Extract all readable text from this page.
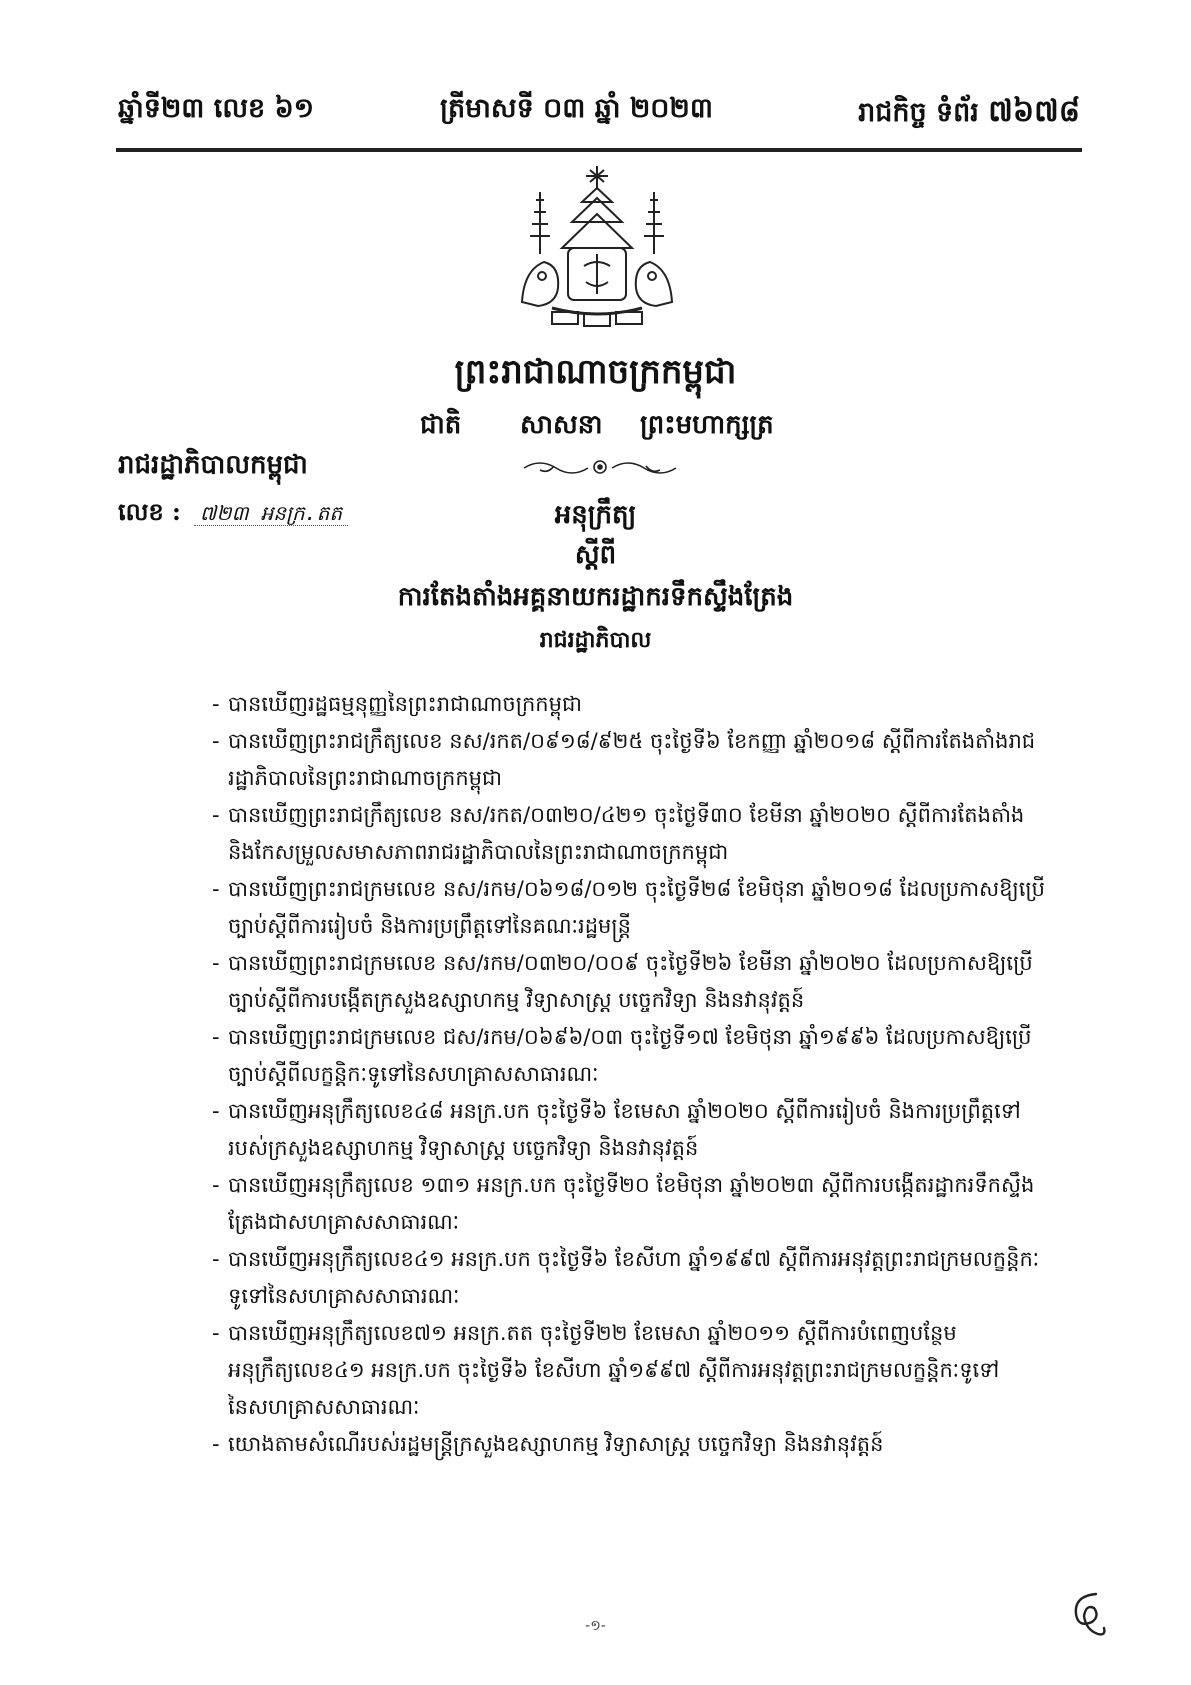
ឆ្នាំទី២៣ លេខ ៦១	ត្រីមាសទី ០៣ ឆ្នាំ ២០២៣	រាជកិច្ច ទំព័រ ៧៦៧៨
ព្រះរាជាណាចក្រកម្ពុជា
ជាតិ សាសនា ព្រះមហាក្សត្រ
រាជរដ្ឋាភិបាលកម្ពុជា
លេខ : ៧២៣ អនក្រ.តត	អនុក្រឹត្យ
ស្តីពី
ការតែងតាំងអគ្គនាយករដ្ឋាករទឹកស្ទឹងត្រែង
រាជរដ្ឋាភិបាល
- បានឃើញរដ្ឋធម្មនុញ្ញនៃព្រះរាជាណាចក្រកម្ពុជា
- បានឃើញព្រះរាជក្រឹត្យលេខ នស/រកត/០៩១៨/៩២៥ ចុះថ្ងៃទី៦ ខែកញ្ញា ឆ្នាំ២០១៨ ស្តីពីការតែងតាំងរាជរដ្ឋាភិបាលនៃព្រះរាជាណាចក្រកម្ពុជា
- បានឃើញព្រះរាជក្រឹត្យលេខ នស/រកត/០៣២០/៤២១ ចុះថ្ងៃទី៣០ ខែមីនា ឆ្នាំ២០២០ ស្តីពីការតែងតាំងនិងកែសម្រួលសមាសភាពរាជរដ្ឋាភិបាលនៃព្រះរាជាណាចក្រកម្ពុជា
- បានឃើញព្រះរាជក្រមលេខ នស/រកម/០៦១៨/០១២ ចុះថ្ងៃទី២៨ ខែមិថុនា ឆ្នាំ២០១៨ ដែលប្រកាសឱ្យប្រើច្បាប់ស្តីពីការរៀបចំ និងការប្រព្រឹត្តទៅនៃគណៈរដ្ឋមន្ត្រី
- បានឃើញព្រះរាជក្រមលេខ នស/រកម/០៣២០/០០៩ ចុះថ្ងៃទី២៦ ខែមីនា ឆ្នាំ២០២០ ដែលប្រកាសឱ្យប្រើច្បាប់ស្តីពីការបង្កើតក្រសួងឧស្សាហកម្ម វិទ្យាសាស្ត្រ បច្ចេកវិទ្យា និងនវានុវត្តន៍
- បានឃើញព្រះរាជក្រមលេខ ជស/រកម/០៦៩៦/០៣ ចុះថ្ងៃទី១៧ ខែមិថុនា ឆ្នាំ១៩៩៦ ដែលប្រកាសឱ្យប្រើច្បាប់ស្តីពីលក្ខន្តិកៈទូទៅនៃសហគ្រាសសាធារណៈ
- បានឃើញអនុក្រឹត្យលេខ៤៨ អនក្រ.បក ចុះថ្ងៃទី៦ ខែមេសា ឆ្នាំ២០២០ ស្តីពីការរៀបចំ និងការប្រព្រឹត្តទៅរបស់ក្រសួងឧស្សាហកម្ម វិទ្យាសាស្ត្រ បច្ចេកវិទ្យា និងនវានុវត្តន៍
- បានឃើញអនុក្រឹត្យលេខ ១៣១ អនក្រ.បក ចុះថ្ងៃទី២០ ខែមិថុនា ឆ្នាំ២០២៣ ស្តីពីការបង្កើតរដ្ឋាករទឹកស្ទឹងត្រែងជាសហគ្រាសសាធារណៈ
- បានឃើញអនុក្រឹត្យលេខ៤១ អនក្រ.បក ចុះថ្ងៃទី៦ ខែសីហា ឆ្នាំ១៩៩៧ ស្តីពីការអនុវត្តព្រះរាជក្រមលក្ខន្តិកៈទូទៅនៃសហគ្រាសសាធារណៈ
- បានឃើញអនុក្រឹត្យលេខ៧១ អនក្រ.តត ចុះថ្ងៃទី២២ ខែមេសា ឆ្នាំ២០១១ ស្តីពីការបំពេញបន្ថែមអនុក្រឹត្យលេខ៤១ អនក្រ.បក ចុះថ្ងៃទី៦ ខែសីហា ឆ្នាំ១៩៩៧ ស្តីពីការអនុវត្តព្រះរាជក្រមលក្ខន្តិកៈទូទៅនៃសហគ្រាសសាធារណៈ
- យោងតាមសំណើរបស់រដ្ឋមន្ត្រីក្រសួងឧស្សាហកម្ម វិទ្យាសាស្ត្រ បច្ចេកវិទ្យា និងនវានុវត្តន៍
-១-
